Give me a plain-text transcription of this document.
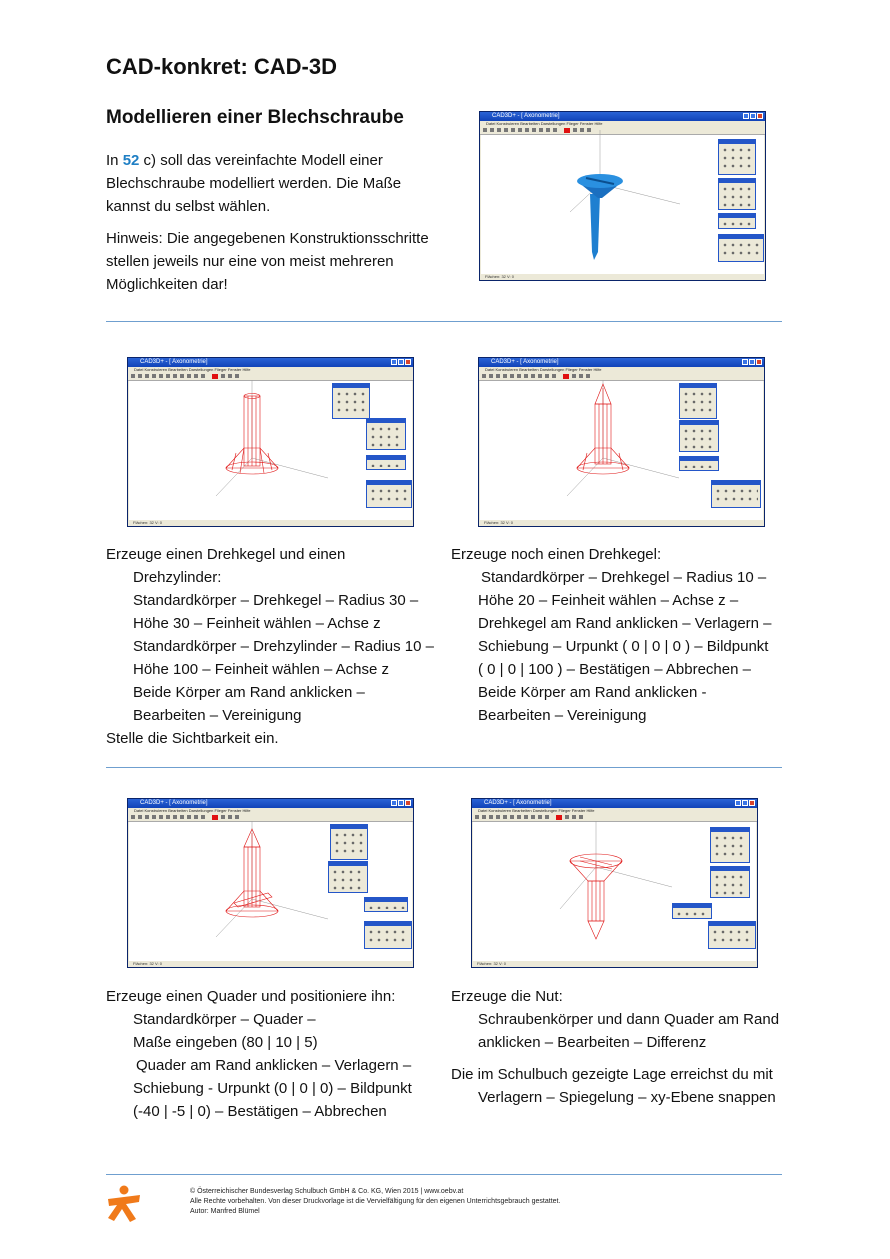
CAD-konkret: CAD-3D
Modellieren einer Blechschraube

In 52 c) soll das vereinfachte Modell einer

Blechschraube modelliert werden. Die Maße

kannst du selbst wählen.

Hinweis: Die angegebenen Konstruktionsschritte

stellen jeweils nur eine von meist mehreren

Möglichkeiten dar!

CAD3D+ - [ Axonometrie]
Datei Konstruieren Bearbeiten Darstellungen Flieger Fenster Hilfe
Flächen: 32 V: 0
CAD3D+ - [ Axonometrie]
Datei Konstruieren Bearbeiten Darstellungen Flieger Fenster Hilfe
Flächen: 32 V: 0
CAD3D+ - [ Axonometrie]
Datei Konstruieren Bearbeiten Darstellungen Flieger Fenster Hilfe
Flächen: 32 V: 0

Erzeuge einen Drehkegel und einen

Drehzylinder:

Standardkörper – Drehkegel – Radius 30 –

Höhe 30 – Feinheit wählen – Achse z

Standardkörper – Drehzylinder – Radius 10 –

Höhe 100 – Feinheit wählen – Achse z

Beide Körper am Rand anklicken –

Bearbeiten – Vereinigung

Stelle die Sichtbarkeit ein.

Erzeuge noch einen Drehkegel:

Standardkörper – Drehkegel – Radius 10 –

Höhe 20 – Feinheit wählen – Achse z –

Drehkegel am Rand anklicken – Verlagern –

Schiebung – Urpunkt ( 0 | 0 | 0 ) – Bildpunkt

( 0 | 0 | 100 ) – Bestätigen – Abbrechen –

Beide Körper am Rand anklicken -

Bearbeiten – Vereinigung

CAD3D+ - [ Axonometrie]
Datei Konstruieren Bearbeiten Darstellungen Flieger Fenster Hilfe
Flächen: 32 V: 0
CAD3D+ - [ Axonometrie]
Datei Konstruieren Bearbeiten Darstellungen Flieger Fenster Hilfe
Flächen: 32 V: 0

Erzeuge einen Quader und positioniere ihn:

Standardkörper – Quader –

Maße eingeben (80 | 10 | 5)

Quader am Rand anklicken – Verlagern –

Schiebung - Urpunkt (0 | 0 | 0) – Bildpunkt

(-40 | -5 | 0) – Bestätigen – Abbrechen

Erzeuge die Nut:

Schraubenkörper und dann Quader am Rand

anklicken – Bearbeiten – Differenz

Die im Schulbuch gezeigte Lage erreichst du mit

Verlagern – Spiegelung – xy-Ebene snappen

© Österreichischer Bundesverlag Schulbuch GmbH & Co. KG, Wien 2015 | www.oebv.at
Alle Rechte vorbehalten. Von dieser Druckvorlage ist die Vervielfältigung für den eigenen Unterrichtsgebrauch gestattet.
Autor: Manfred Blümel
